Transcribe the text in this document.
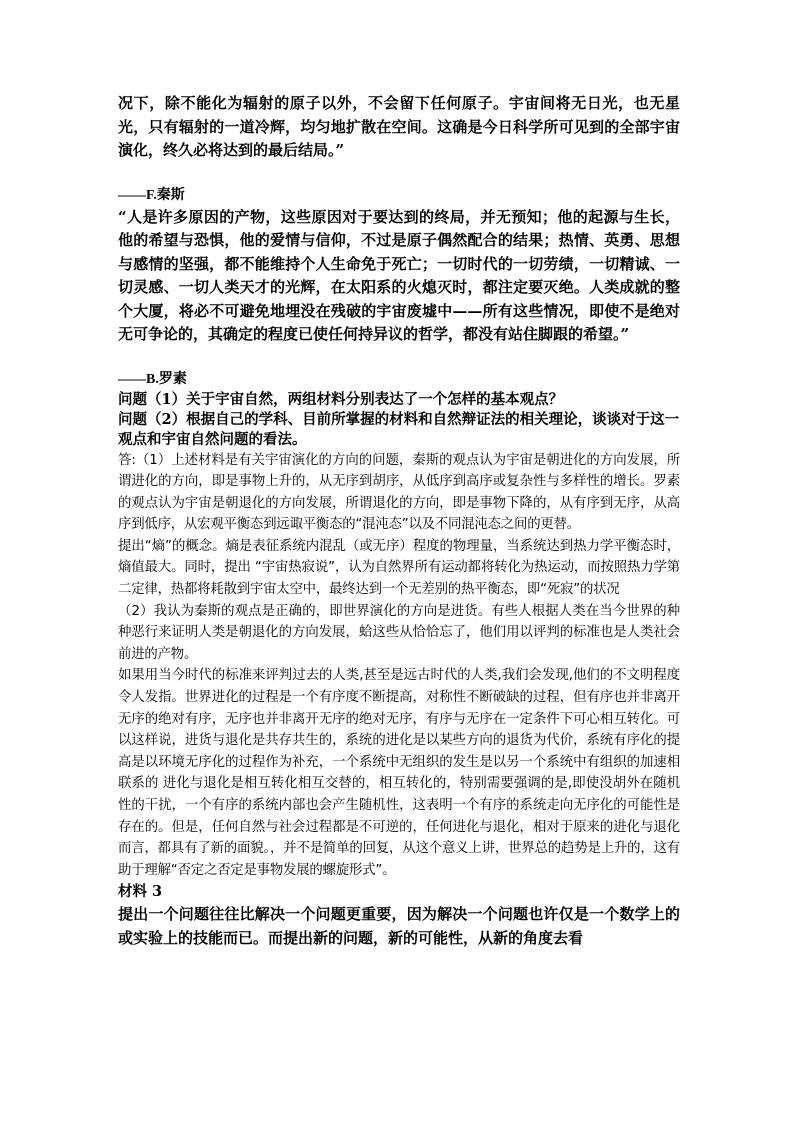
况下，除不能化为辐射的原子以外，不会留下任何原子。宇宙间将无日光，也无星光，只有辐射的一道冷辉，均匀地扩散在空间。这确是今日科学所可见到的全部宇宙演化，终久必将达到的最后结局。”

——F.秦斯

“人是许多原因的产物，这些原因对于要达到的终局，并无预知；他的起源与生长，他的希望与恐惧，他的爱情与信仰，不过是原子偶然配合的结果；热情、英勇、思想与感情的坚强，都不能维持个人生命免于死亡；一切时代的一切劳绩，一切精诚、一切灵感、一切人类天才的光辉，在太阳系的火熄灭时，都注定要灭绝。人类成就的整个大厦，将必不可避免地埋没在残破的宇宙废墟中——所有这些情况，即使不是绝对无可争论的，其确定的程度已使任何持异议的哲学，都没有站住脚跟的希望。”

——B.罗素

问题（1）关于宇宙自然，两组材料分别表达了一个怎样的基本观点？

问题（2）根据自己的学科、目前所掌握的材料和自然辩证法的相关理论，谈谈对于这一观点和宇宙自然问题的看法。

答:（1）上述材料是有关宇宙演化的方向的问题，秦斯的观点认为宇宙是朝进化的方向发展，所谓进化的方向，即是事物上升的，从无序到胡序，从低序到高序或复杂性与多样性的增长。罗素的观点认为宇宙是朝退化的方向发展，所谓退化的方向，即是事物下降的，从有序到无序，从高序到低序，从宏观平衡态到远诹平衡态的“混沌态”以及不同混沌态之间的更替。

提出“熵”的概念。熵是表征系统内混乱（或无序）程度的物理量，当系统达到热力学平衡态时，熵值最大。同时，提出 “宇宙热寂说”，认为自然界所有运动都将转化为热运动，而按照热力学第二定律，热都将耗散到宇宙太空中，最终达到一个无差别的热平衡态，即“死寂”的状况

（2）我认为秦斯的观点是正确的，即世界演化的方向是进货。有些人根据人类在当今世界的种种恶行来证明人类是朝退化的方向发展，蛤这些从恰恰忘了，他们用以评判的标准也是人类社会前进的产物。

如果用当今时代的标准来评判过去的人类,甚至是远古时代的人类,我们会发现,他们的不文明程度令人发指。世界进化的过程是一个有序度不断提高，对称性不断破缺的过程，但有序也并非离开无序的绝对有序，无序也并非离开无序的绝对无序，有序与无序在一定条件下可心相互转化。可以这样说，进货与退化是共存共生的，系统的进化是以某些方向的退货为代价，系统有序化的提高是以环境无序化的过程作为补充，一个系统中无组织的发生是以另一个系统中有组织的加速相联系的 进化与退化是相互转化相互交替的，相互转化的，特别需要强调的是,即使没胡外在随机性的干扰，一个有序的系统内部也会产生随机性，这表明一个有序的系统走向无序化的可能性是存在的。但是，任何自然与社会过程都是不可逆的，任何进化与退化，相对于原来的进化与退化而言，都具有了新的面貌。，并不是简单的回复，从这个意义上讲，世界总的趋势是上升的，这有助于理解“否定之否定是事物发展的螺旋形式”。

材料 3

提出一个问题往往比解决一个问题更重要，因为解决一个问题也许仅是一个数学上的或实验上的技能而已。而提出新的问题，新的可能性，从新的角度去看
